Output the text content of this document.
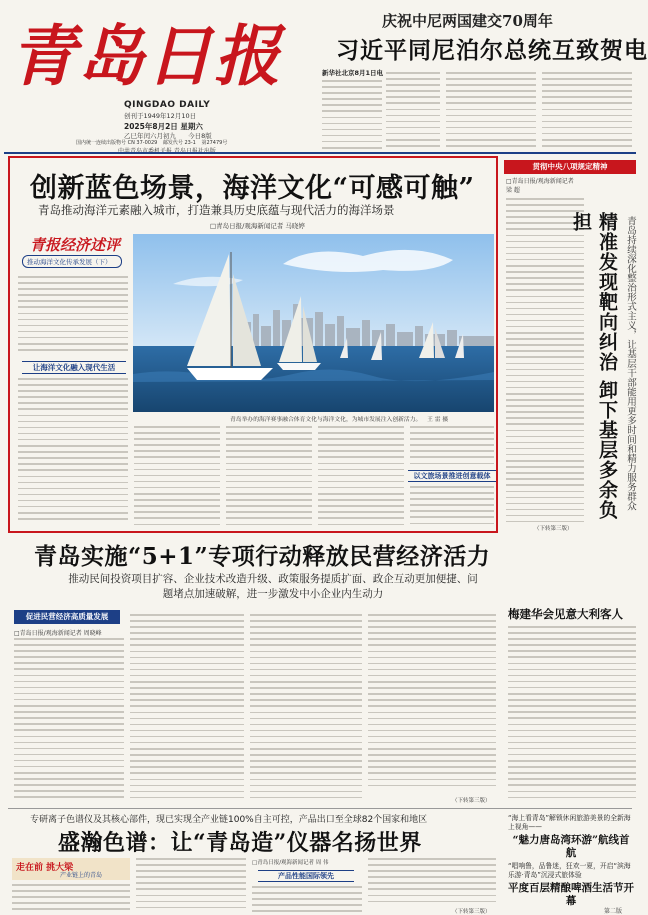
青岛日报
QINGDAO DAILY
创刊于1949年12月10日
2025年8月2日 星期六
乙巳年闰六月初九 今日8版
国内统一连续出版物号 CN 37-0029 邮发代号 23-1 第27479号
庆祝中尼两国建交70周年
习近平同尼泊尔总统互致贺电
新华社北京8月1日电
创新蓝色场景，海洋文化“可感可触”
青岛推动海洋元素融入城市，打造兼具历史底蕴与现代活力的海洋场景
□青岛日报/观海新闻记者 马晓婷
青报经济述评
推动海洋文化传承发展（下）
让海洋文化融入现代生活
青岛举办的海洋赛事融合体育文化与海洋文化，为城市发展注入创新活力。 王 雷 摄
以文旅场景推进创意载体
贯彻中央八项规定精神
□青岛日报/观海新闻记者 梁 超
精准发现靶向纠治 卸下基层多余负担	青岛持续深化整治形式主义，让基层干部能用更多时间和精力服务群众
（下转第三版）
青岛实施“5+1”专项行动释放民营经济活力
推动民间投资项目扩容、企业技术改造升级、政策服务提质扩面、政企互动更加便捷、问题堵点加速破解，进一步激发中小企业内生动力
促进民营经济高质量发展
□青岛日报/观海新闻记者 周晓峰
（下转第三版）
梅建华会见意大利客人
专研离子色谱仪及其核心部件，现已实现全产业链100%自主可控，产品出口至全球82个国家和地区
盛瀚色谱：让“青岛造”仪器名扬世界
走在前 挑大梁
产业链上的青岛
□青岛日报/观海新闻记者 周 伟
产品性能国际领先
（下转第三版）
“海上看青岛”解锁休闲旅游美景的全新海上视角——
“魅力唐岛湾环游”航线首航
“唱响鲁，品鲁迷，狂欢一夏，开启“滨海乐游·青岛”沉浸式旅体验
平度百层精酿啤酒生活节开幕
第二版
